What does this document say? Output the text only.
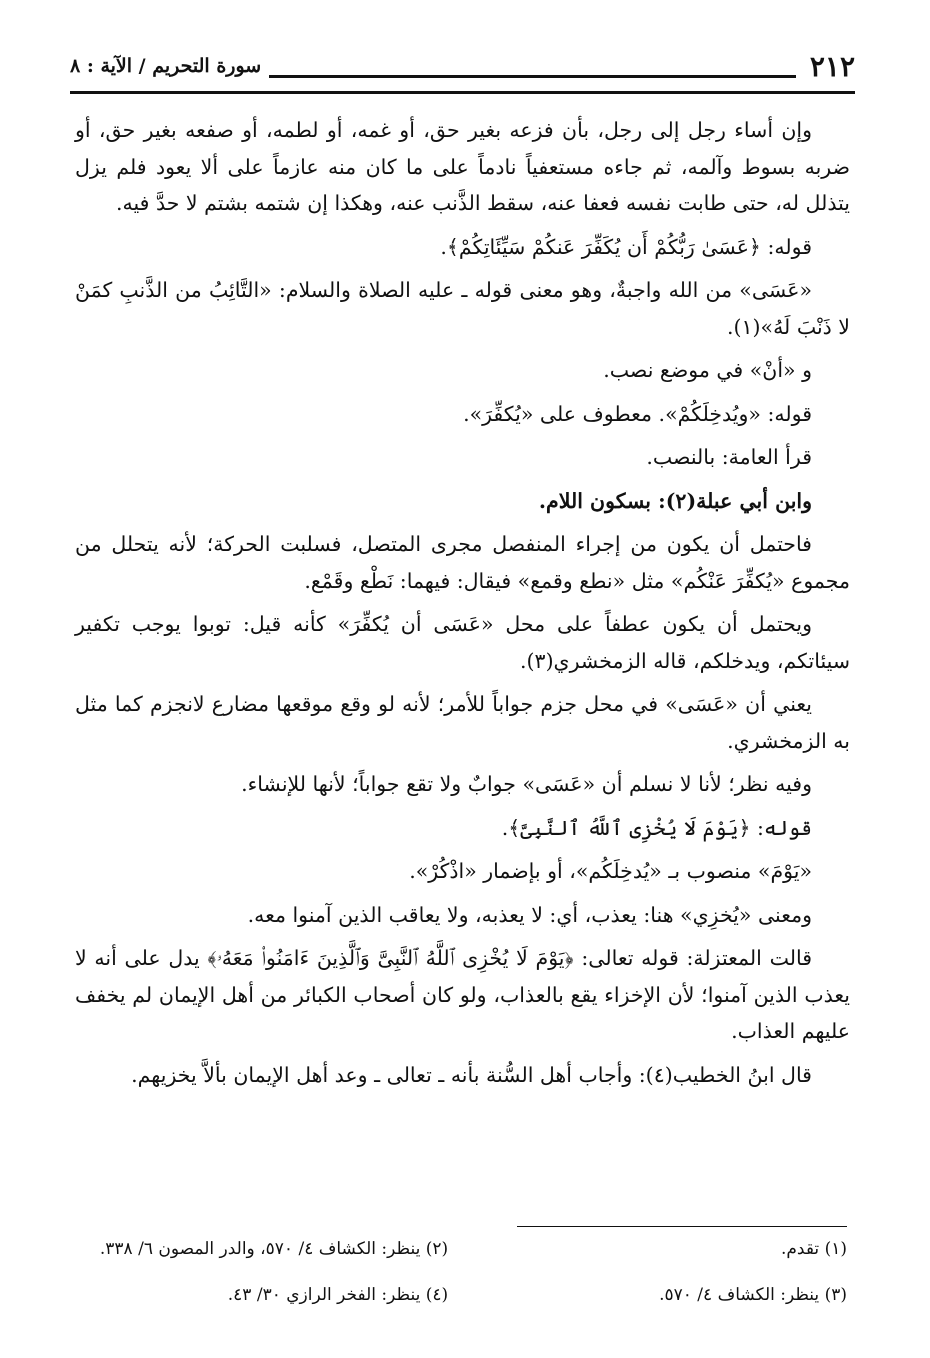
٢١٢
سورة التحريم / الآية : ٨

وإن أساء رجل إلى رجل، بأن فزعه بغير حق، أو غمه، أو لطمه، أو صفعه بغير حق، أو ضربه بسوط وآلمه، ثم جاءه مستعفياً نادماً على ما كان منه عازماً على ألا يعود فلم يزل يتذلل له، حتى طابت نفسه فعفا عنه، سقط الذَّنب عنه، وهكذا إن شتمه بشتم لا حدَّ فيه.

قوله: ﴿عَسَىٰ رَبُّكُمْ أَن يُكَفِّرَ عَنكُمْ سَيِّئَاتِكُمْ﴾.

«عَسَى» من الله واجبةٌ، وهو معنى قوله ـ عليه الصلاة والسلام: «التَّائِبُ من الذَّنبِ كمَنْ لا ذَنْبَ لَهُ»(١).

و «أنْ» في موضع نصب.

قوله: «ويُدخِلَكُمْ». معطوف على «يُكفِّرَ».

قرأ العامة: بالنصب.

وابن أبي عبلة(٢): بسكون اللام.

فاحتمل أن يكون من إجراء المنفصل مجرى المتصل، فسلبت الحركة؛ لأنه يتحلل من مجموع «يُكفِّرَ عَنْكُم» مثل «نطع وقمع» فيقال: فيهما: نَطْع وقَمْع.

ويحتمل أن يكون عطفاً على محل «عَسَى أن يُكفِّرَ» كأنه قيل: توبوا يوجب تكفير سيئاتكم، ويدخلكم، قاله الزمخشري(٣).

يعني أن «عَسَى» في محل جزم جواباً للأمر؛ لأنه لو وقع موقعها مضارع لانجزم كما مثل به الزمخشري.

وفيه نظر؛ لأنا لا نسلم أن «عَسَى» جوابٌ ولا تقع جواباً؛ لأنها للإنشاء.

قوله: ﴿يَوْمَ لَا يُخْزِى ٱللَّهُ ٱلنَّبِىَّ﴾.

«يَوْمَ» منصوب بـ «يُدخِلَكُم»، أو بإضمار «اذْكُرْ».

ومعنى «يُخزِي» هنا: يعذب، أي: لا يعذبه، ولا يعاقب الذين آمنوا معه.

قالت المعتزلة: قوله تعالى: ﴿يَوْمَ لَا يُخْزِى ٱللَّهُ ٱلنَّبِىَّ وَٱلَّذِينَ ءَامَنُوا۟ مَعَهُۥ﴾ يدل على أنه لا يعذب الذين آمنوا؛ لأن الإخزاء يقع بالعذاب، ولو كان أصحاب الكبائر من أهل الإيمان لم يخفف عليهم العذاب.

قال ابنُ الخطيب(٤): وأجاب أهل السُّنة بأنه ـ تعالى ـ وعد أهل الإيمان بألاَّ يخزيهم.

(١) تقدم.
(٢) ينظر: الكشاف ٤/ ٥٧٠، والدر المصون ٦/ ٣٣٨.
(٣) ينظر: الكشاف ٤/ ٥٧٠.
(٤) ينظر: الفخر الرازي ٣٠/ ٤٣.
